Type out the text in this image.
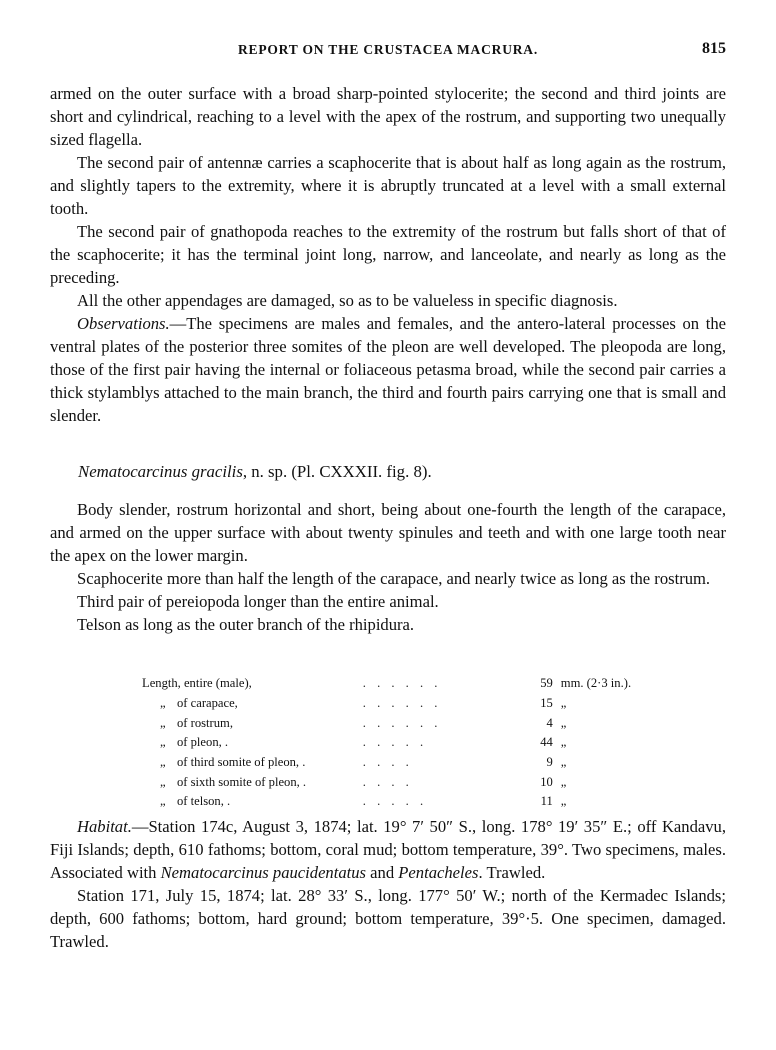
REPORT ON THE CRUSTACEA MACRURA.	815

armed on the outer surface with a broad sharp-pointed stylocerite; the second and third joints are short and cylindrical, reaching to a level with the apex of the rostrum, and supporting two unequally sized flagella.

The second pair of antennæ carries a scaphocerite that is about half as long again as the rostrum, and slightly tapers to the extremity, where it is abruptly truncated at a level with a small external tooth.

The second pair of gnathopoda reaches to the extremity of the rostrum but falls short of that of the scaphocerite; it has the terminal joint long, narrow, and lanceolate, and nearly as long as the preceding.

All the other appendages are damaged, so as to be valueless in specific diagnosis.

Observations.—The specimens are males and females, and the antero-lateral processes on the ventral plates of the posterior three somites of the pleon are well developed. The pleopoda are long, those of the first pair having the internal or foliaceous petasma broad, while the second pair carries a thick stylamblys attached to the main branch, the third and fourth pairs carrying one that is small and slender.

Nematocarcinus gracilis, n. sp. (Pl. CXXXII. fig. 8).

Body slender, rostrum horizontal and short, being about one-fourth the length of the carapace, and armed on the upper surface with about twenty spinules and teeth and with one large tooth near the apex on the lower margin.

Scaphocerite more than half the length of the carapace, and nearly twice as long as the rostrum.

Third pair of pereiopoda longer than the entire animal.

Telson as long as the outer branch of the rhipidura.

Length, entire (male),		. . . . . .	59	mm. (2·3 in.).
„	of carapace,	. . . . . .	15	„
„	of rostrum,	. . . . . .	4	„
„	of pleon, .	. . . . .	44	„
„	of third somite of pleon, .	. . . .	9	„
„	of sixth somite of pleon, .	. . . .	10	„
„	of telson, .	. . . . .	11	„

Habitat.—Station 174c, August 3, 1874; lat. 19° 7′ 50″ S., long. 178° 19′ 35″ E.; off Kandavu, Fiji Islands; depth, 610 fathoms; bottom, coral mud; bottom temperature, 39°. Two specimens, males. Associated with Nematocarcinus paucidentatus and Pentacheles. Trawled.

Station 171, July 15, 1874; lat. 28° 33′ S., long. 177° 50′ W.; north of the Kermadec Islands; depth, 600 fathoms; bottom, hard ground; bottom temperature, 39°·5. One specimen, damaged. Trawled.
